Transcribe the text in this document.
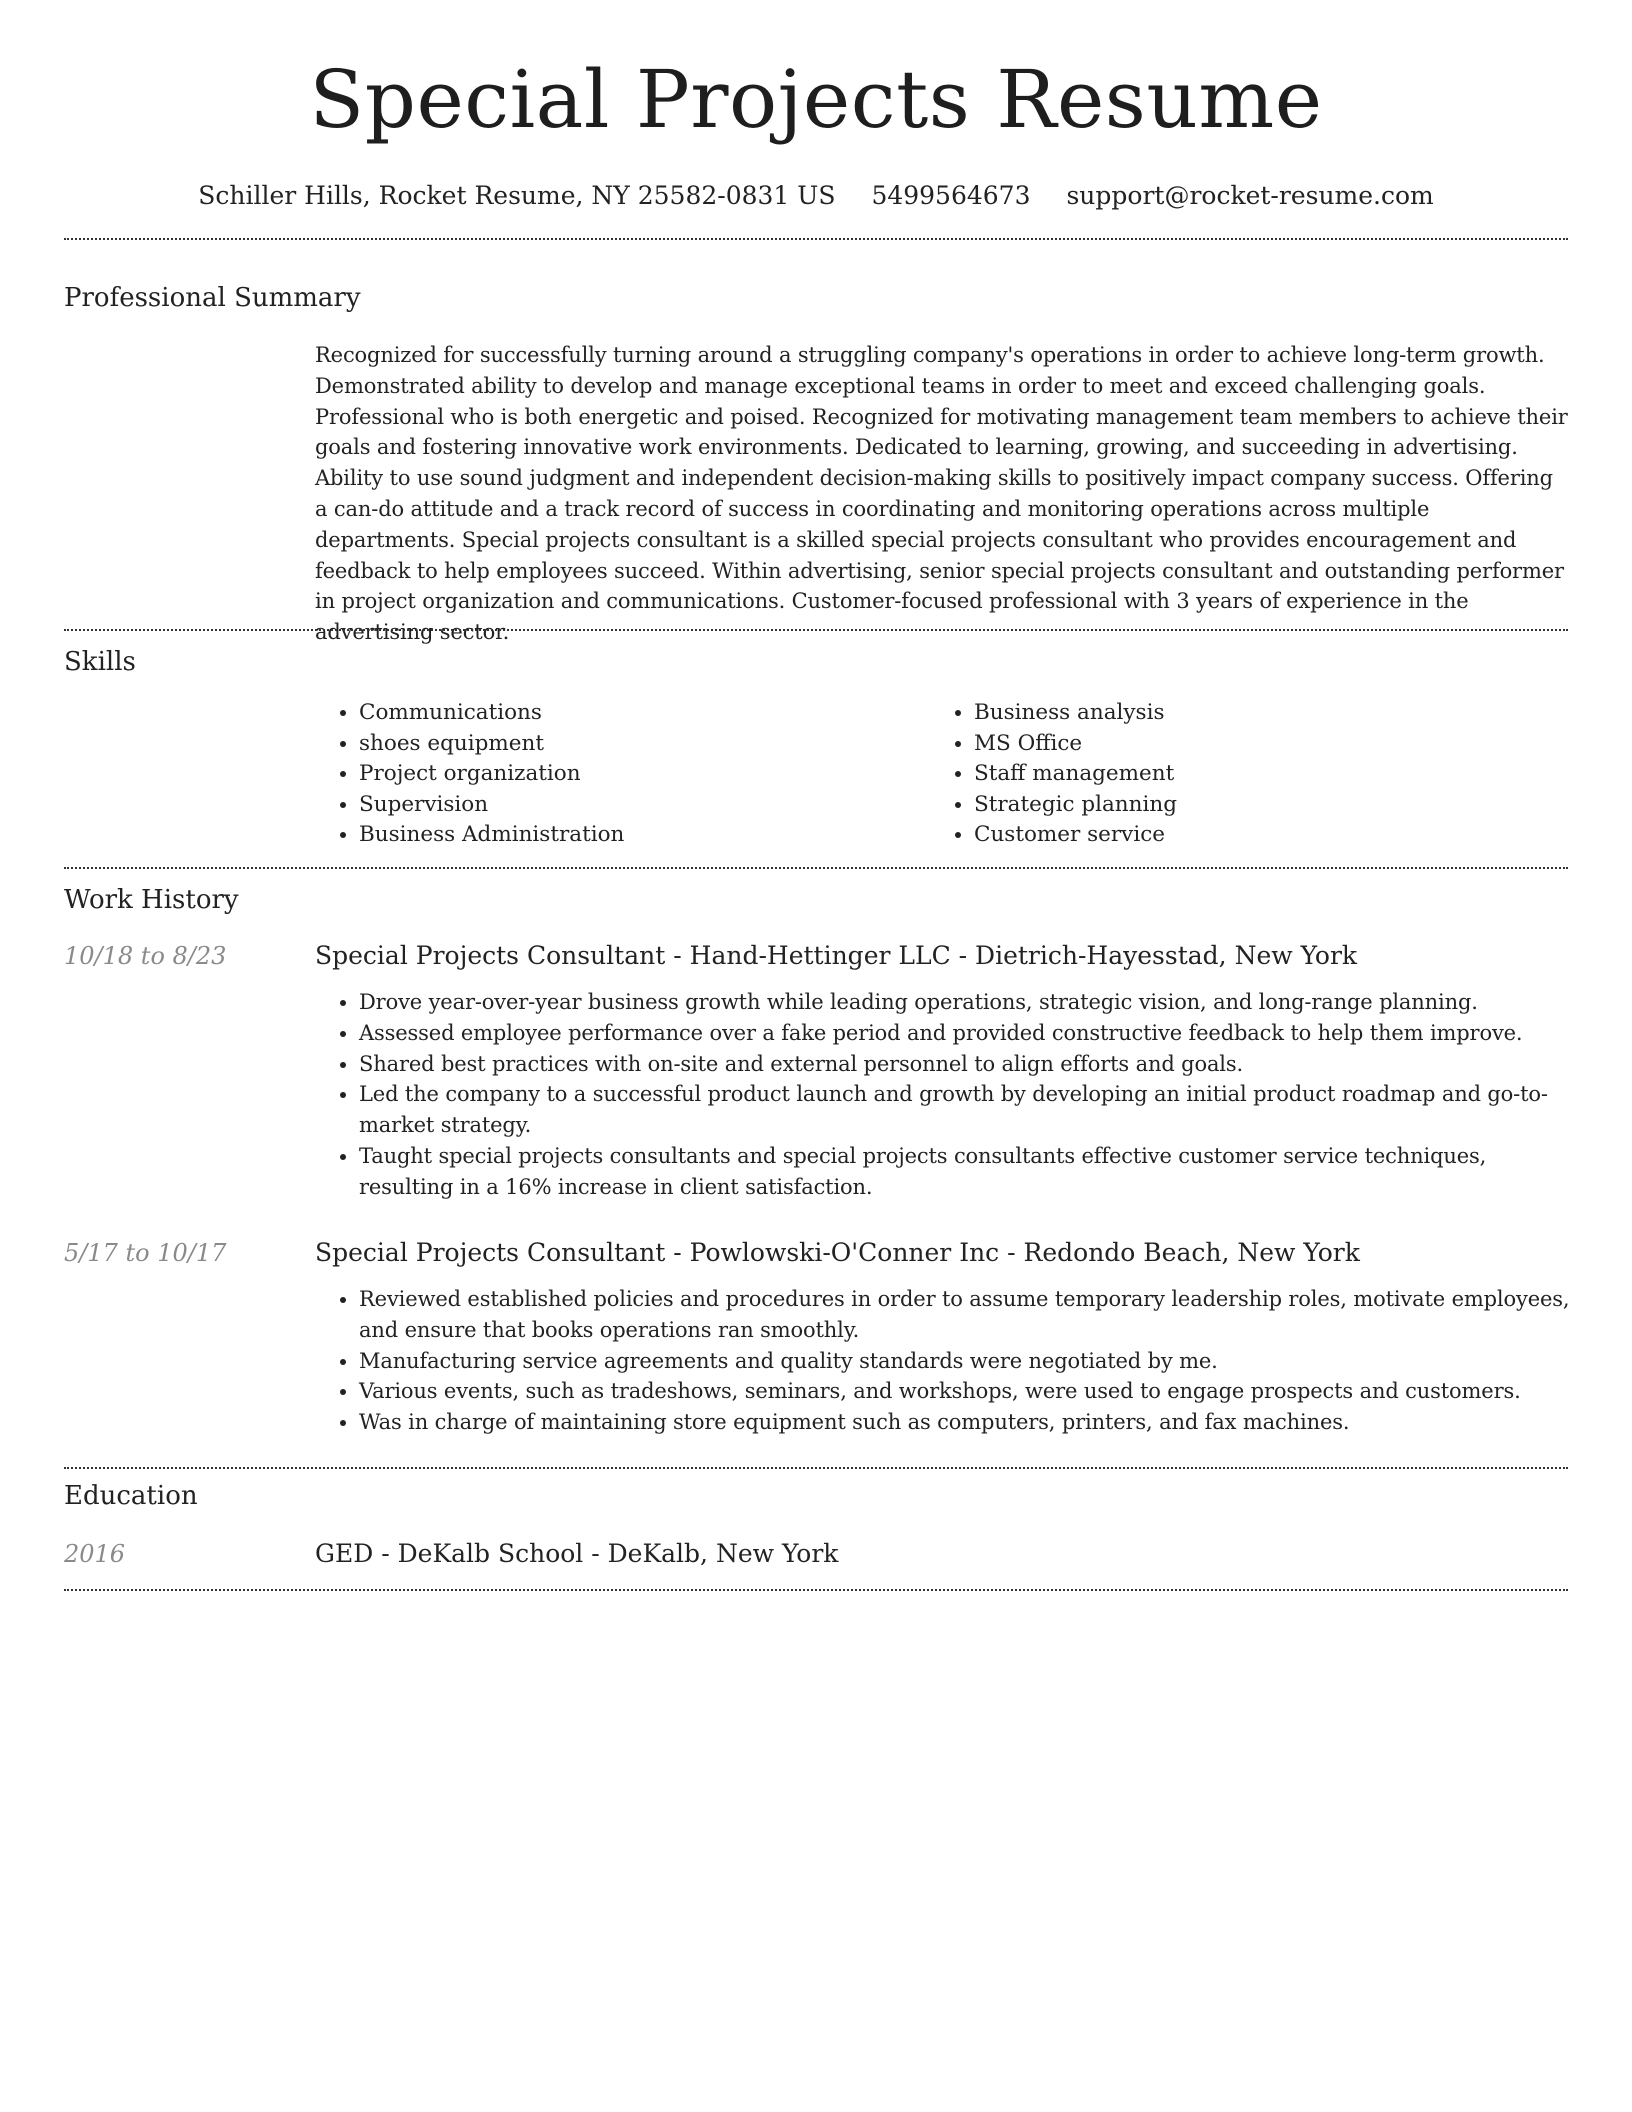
Special Projects Resume
Schiller Hills, Rocket Resume, NY 25582-0831 US 5499564673 support@rocket-resume.com
Professional Summary

Recognized for successfully turning around a struggling company's operations in order to achieve long-term growth. Demonstrated ability to develop and manage exceptional teams in order to meet and exceed challenging goals. Professional who is both energetic and poised. Recognized for motivating management team members to achieve their goals and fostering innovative work environments. Dedicated to learning, growing, and succeeding in advertising. Ability to use sound judgment and independent decision-making skills to positively impact company success. Offering a can-do attitude and a track record of success in coordinating and monitoring operations across multiple departments. Special projects consultant is a skilled special projects consultant who provides encouragement and feedback to help employees succeed. Within advertising, senior special projects consultant and outstanding performer in project organization and communications. Customer-focused professional with 3 years of experience in the advertising sector.

Skills
• Communications
• shoes equipment
• Project organization
• Supervision
• Business Administration
• Business analysis
• MS Office
• Staff management
• Strategic planning
• Customer service
Work History
10/18 to 8/23	Special Projects Consultant - Hand-Hettinger LLC - Dietrich-Hayesstad, New York
• Drove year-over-year business growth while leading operations, strategic vision, and long-range planning.
• Assessed employee performance over a fake period and provided constructive feedback to help them improve.
• Shared best practices with on-site and external personnel to align efforts and goals.
• Led the company to a successful product launch and growth by developing an initial product roadmap and go-to-market strategy.
• Taught special projects consultants and special projects consultants effective customer service techniques, resulting in a 16% increase in client satisfaction.
5/17 to 10/17	Special Projects Consultant - Powlowski-O'Conner Inc - Redondo Beach, New York
• Reviewed established policies and procedures in order to assume temporary leadership roles, motivate employees, and ensure that books operations ran smoothly.
• Manufacturing service agreements and quality standards were negotiated by me.
• Various events, such as tradeshows, seminars, and workshops, were used to engage prospects and customers.
• Was in charge of maintaining store equipment such as computers, printers, and fax machines.
Education
2016	GED - DeKalb School - DeKalb, New York
